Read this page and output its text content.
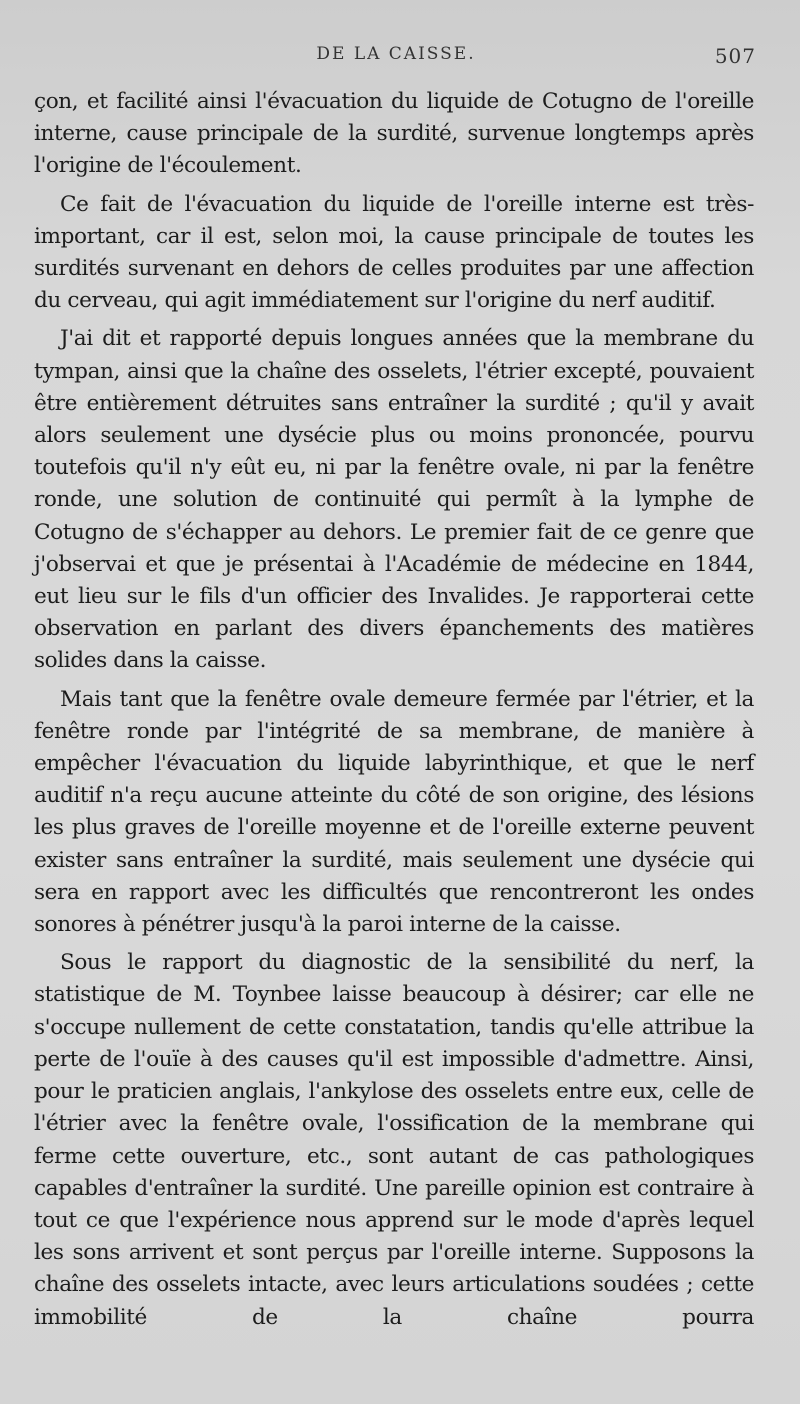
DE LA CAISSE.	507

çon, et facilité ainsi l'évacuation du liquide de Cotugno de l'oreille interne, cause principale de la surdité, survenue longtemps après l'origine de l'écoulement.

Ce fait de l'évacuation du liquide de l'oreille interne est très-important, car il est, selon moi, la cause principale de toutes les surdités survenant en dehors de celles produites par une affection du cerveau, qui agit immédiatement sur l'origine du nerf auditif.

J'ai dit et rapporté depuis longues années que la membrane du tympan, ainsi que la chaîne des osselets, l'étrier excepté, pouvaient être entièrement détruites sans entraîner la surdité ; qu'il y avait alors seulement une dysécie plus ou moins prononcée, pourvu toutefois qu'il n'y eût eu, ni par la fenêtre ovale, ni par la fenêtre ronde, une solution de continuité qui permît à la lymphe de Cotugno de s'échapper au dehors. Le premier fait de ce genre que j'observai et que je présentai à l'Académie de médecine en 1844, eut lieu sur le fils d'un officier des Invalides. Je rapporterai cette observation en parlant des divers épanchements des matières solides dans la caisse.

Mais tant que la fenêtre ovale demeure fermée par l'étrier, et la fenêtre ronde par l'intégrité de sa membrane, de manière à empêcher l'évacuation du liquide labyrinthique, et que le nerf auditif n'a reçu aucune atteinte du côté de son origine, des lésions les plus graves de l'oreille moyenne et de l'oreille externe peuvent exister sans entraîner la surdité, mais seulement une dysécie qui sera en rapport avec les difficultés que rencontreront les ondes sonores à pénétrer jusqu'à la paroi interne de la caisse.

Sous le rapport du diagnostic de la sensibilité du nerf, la statistique de M. Toynbee laisse beaucoup à désirer; car elle ne s'occupe nullement de cette constatation, tandis qu'elle attribue la perte de l'ouïe à des causes qu'il est impossible d'admettre. Ainsi, pour le praticien anglais, l'ankylose des osselets entre eux, celle de l'étrier avec la fenêtre ovale, l'ossification de la membrane qui ferme cette ouverture, etc., sont autant de cas pathologiques capables d'entraîner la surdité. Une pareille opinion est contraire à tout ce que l'expérience nous apprend sur le mode d'après lequel les sons arrivent et sont perçus par l'oreille interne. Supposons la chaîne des osselets intacte, avec leurs articulations soudées ; cette immobilité de la chaîne pourra
